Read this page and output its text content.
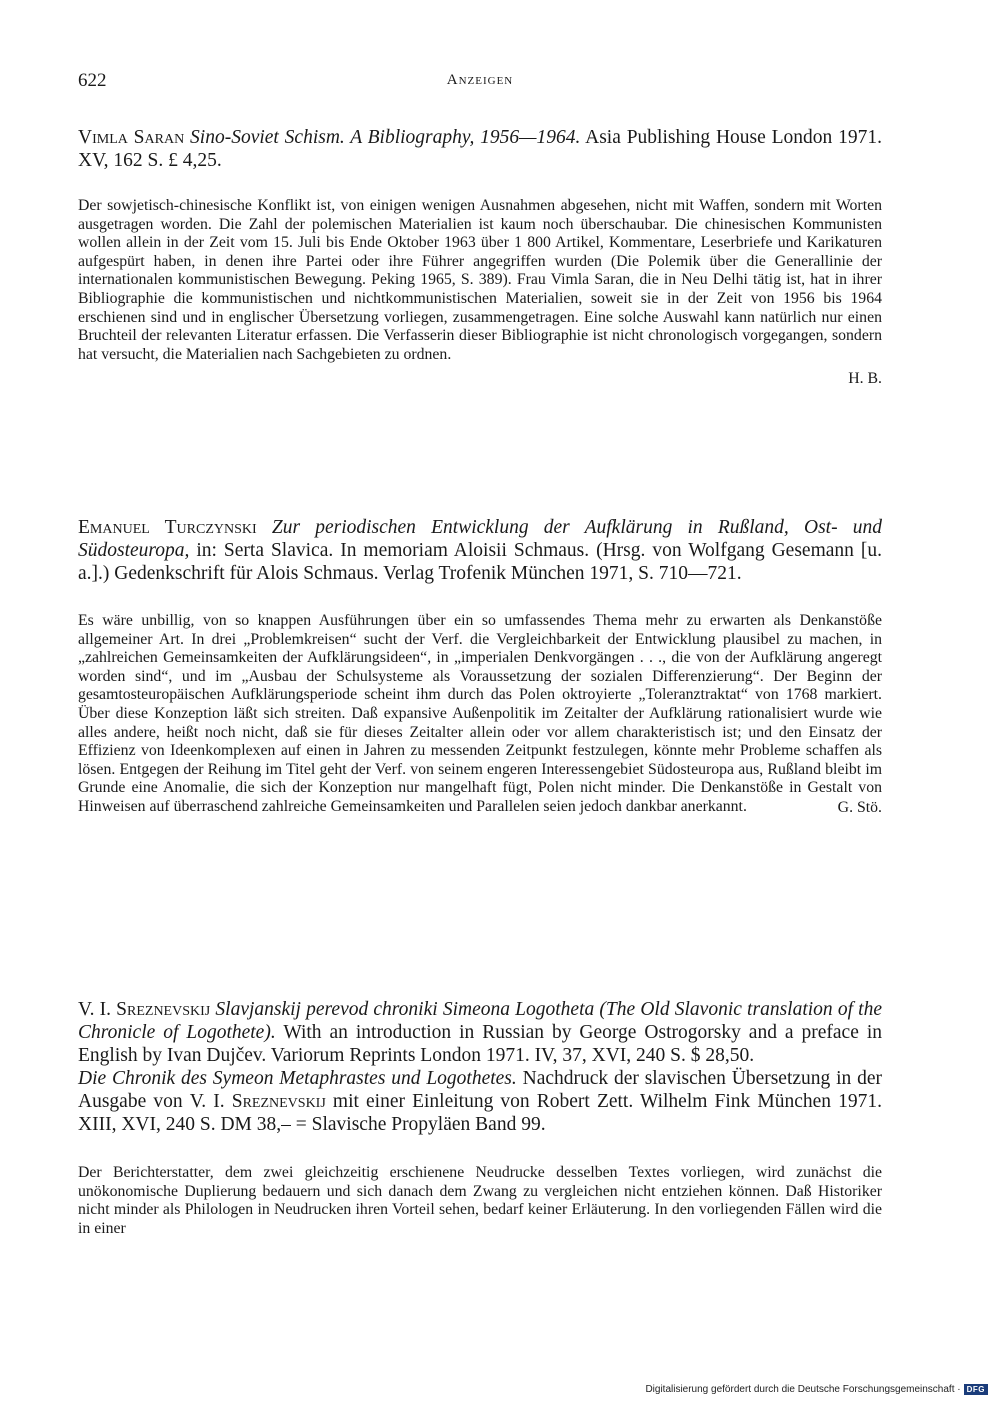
622	Anzeigen

Vimla Saran Sino-Soviet Schism. A Bibliography, 1956—1964. Asia Publishing House London 1971. XV, 162 S. £ 4,25.

Der sowjetisch-chinesische Konflikt ist, von einigen wenigen Ausnahmen abgesehen, nicht mit Waffen, sondern mit Worten ausgetragen worden. Die Zahl der polemischen Materialien ist kaum noch überschaubar. Die chinesischen Kommunisten wollen allein in der Zeit vom 15. Juli bis Ende Oktober 1963 über 1 800 Artikel, Kommentare, Leserbriefe und Karikaturen aufgespürt haben, in denen ihre Partei oder ihre Führer angegriffen wurden (Die Polemik über die Generallinie der internationalen kommunistischen Bewegung. Peking 1965, S. 389). Frau Vimla Saran, die in Neu Delhi tätig ist, hat in ihrer Bibliographie die kommunistischen und nichtkommunistischen Materialien, soweit sie in der Zeit von 1956 bis 1964 erschienen sind und in englischer Übersetzung vorliegen, zusammengetragen. Eine solche Auswahl kann natürlich nur einen Bruchteil der relevanten Literatur erfassen. Die Verfasserin dieser Bibliographie ist nicht chronologisch vorgegangen, sondern hat versucht, die Materialien nach Sachgebieten zu ordnen.

H. B.

Emanuel Turczynski Zur periodischen Entwicklung der Aufklärung in Rußland, Ost- und Südosteuropa, in: Serta Slavica. In memoriam Aloisii Schmaus. (Hrsg. von Wolfgang Gesemann [u. a.].) Gedenkschrift für Alois Schmaus. Verlag Trofenik München 1971, S. 710—721.

Es wäre unbillig, von so knappen Ausführungen über ein so umfassendes Thema mehr zu erwarten als Denkanstöße allgemeiner Art. In drei „Problemkreisen“ sucht der Verf. die Vergleichbarkeit der Entwicklung plausibel zu machen, in „zahlreichen Gemeinsamkeiten der Aufklärungsideen“, in „imperialen Denkvorgängen . . ., die von der Aufklärung angeregt worden sind“, und im „Ausbau der Schulsysteme als Voraussetzung der sozialen Differenzierung“. Der Beginn der gesamtosteuropäischen Aufklärungsperiode scheint ihm durch das Polen oktroyierte „Toleranztraktat“ von 1768 markiert. Über diese Konzeption läßt sich streiten. Daß expansive Außenpolitik im Zeitalter der Aufklärung rationalisiert wurde wie alles andere, heißt noch nicht, daß sie für dieses Zeitalter allein oder vor allem charakteristisch ist; und den Einsatz der Effizienz von Ideenkomplexen auf einen in Jahren zu messenden Zeitpunkt festzulegen, könnte mehr Probleme schaffen als lösen. Entgegen der Reihung im Titel geht der Verf. von seinem engeren Interessengebiet Südosteuropa aus, Rußland bleibt im Grunde eine Anomalie, die sich der Konzeption nur mangelhaft fügt, Polen nicht minder. Die Denkanstöße in Gestalt von Hinweisen auf überraschend zahlreiche Gemeinsamkeiten und Parallelen seien jedoch dankbar anerkannt.	G. Stö.

V. I. Sreznevskij Slavjanskij perevod chroniki Simeona Logotheta (The Old Slavonic translation of the Chronicle of Logothete). With an introduction in Russian by George Ostrogorsky and a preface in English by Ivan Dujčev. Variorum Reprints London 1971. IV, 37, XVI, 240 S. $ 28,50.

Die Chronik des Symeon Metaphrastes und Logothetes. Nachdruck der slavischen Übersetzung in der Ausgabe von V. I. Sreznevskij mit einer Einleitung von Robert Zett. Wilhelm Fink München 1971. XIII, XVI, 240 S. DM 38,– = Slavische Propyläen Band 99.

Der Berichterstatter, dem zwei gleichzeitig erschienene Neudrucke desselben Textes vorliegen, wird zunächst die unökonomische Duplierung bedauern und sich danach dem Zwang zu vergleichen nicht entziehen können. Daß Historiker nicht minder als Philologen in Neudrucken ihren Vorteil sehen, bedarf keiner Erläuterung. In den vorliegenden Fällen wird die in einer

Digitalisierung gefördert durch die Deutsche Forschungsgemeinschaft · DFG
